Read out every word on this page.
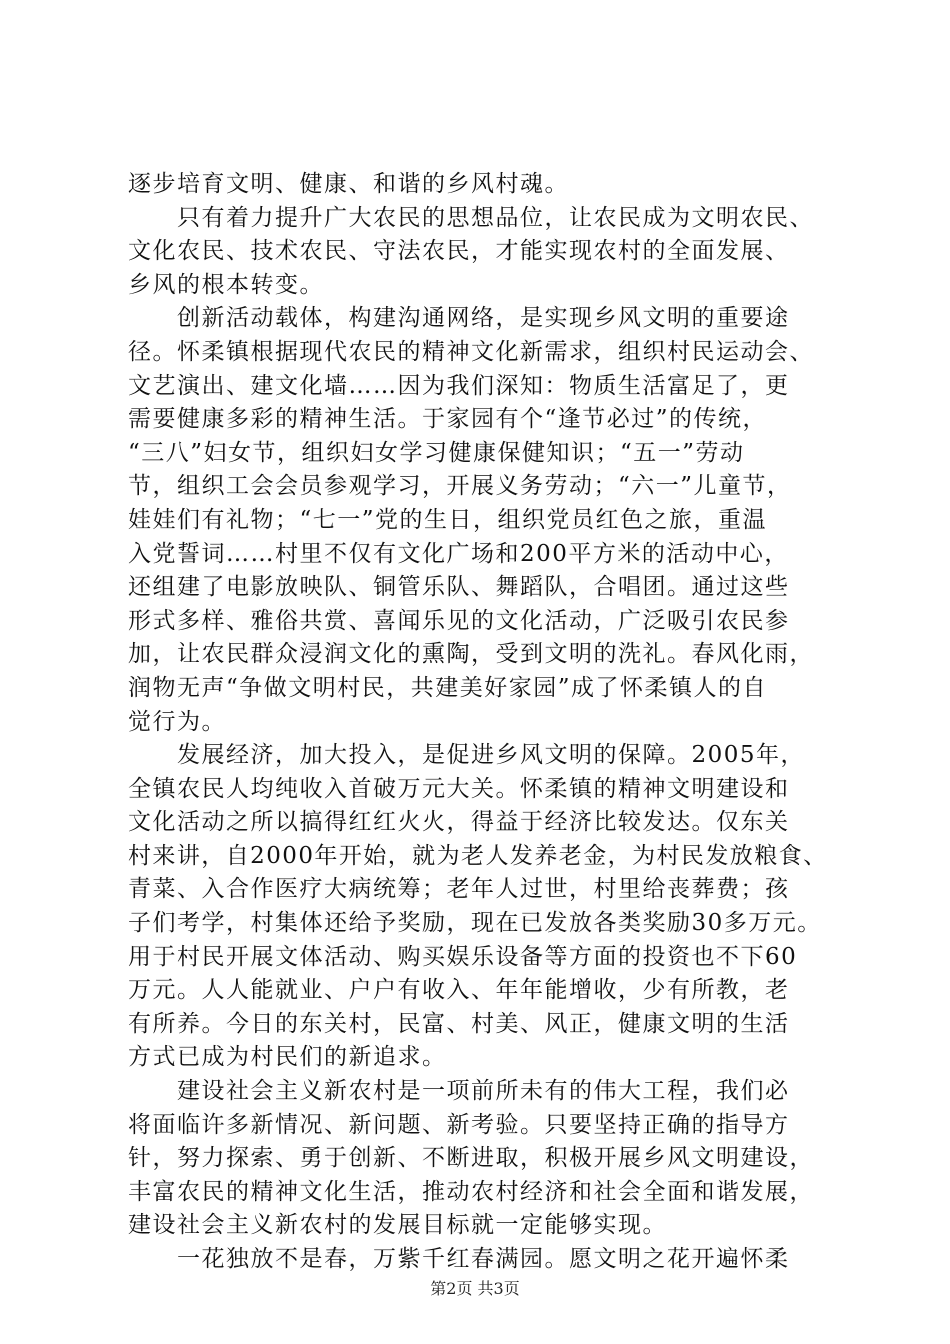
逐步培育文明、健康、和谐的乡风村魂。
　　只有着力提升广大农民的思想品位，让农民成为文明农民、
文化农民、技术农民、守法农民，才能实现农村的全面发展、
乡风的根本转变。
　　创新活动载体，构建沟通网络，是实现乡风文明的重要途
径。怀柔镇根据现代农民的精神文化新需求，组织村民运动会、
文艺演出、建文化墙……因为我们深知：物质生活富足了，更
需要健康多彩的精神生活。于家园有个“逢节必过”的传统，
“三八”妇女节，组织妇女学习健康保健知识；“五一”劳动
节，组织工会会员参观学习，开展义务劳动；“六一”儿童节，
娃娃们有礼物；“七一”党的生日，组织党员红色之旅，重温
入党誓词……村里不仅有文化广场和200平方米的活动中心，
还组建了电影放映队、铜管乐队、舞蹈队，合唱团。通过这些
形式多样、雅俗共赏、喜闻乐见的文化活动，广泛吸引农民参
加，让农民群众浸润文化的熏陶，受到文明的洗礼。春风化雨，
润物无声“争做文明村民，共建美好家园”成了怀柔镇人的自
觉行为。
　　发展经济，加大投入，是促进乡风文明的保障。2005年，
全镇农民人均纯收入首破万元大关。怀柔镇的精神文明建设和
文化活动之所以搞得红红火火，得益于经济比较发达。仅东关
村来讲，自2000年开始，就为老人发养老金，为村民发放粮食、
青菜、入合作医疗大病统筹；老年人过世，村里给丧葬费；孩
子们考学，村集体还给予奖励，现在已发放各类奖励30多万元。
用于村民开展文体活动、购买娱乐设备等方面的投资也不下60
万元。人人能就业、户户有收入、年年能增收，少有所教，老
有所养。今日的东关村，民富、村美、风正，健康文明的生活
方式已成为村民们的新追求。
　　建设社会主义新农村是一项前所未有的伟大工程，我们必
将面临许多新情况、新问题、新考验。只要坚持正确的指导方
针，努力探索、勇于创新、不断进取，积极开展乡风文明建设，
丰富农民的精神文化生活，推动农村经济和社会全面和谐发展，
建设社会主义新农村的发展目标就一定能够实现。
　　一花独放不是春，万紫千红春满园。愿文明之花开遍怀柔
第2页 共3页
